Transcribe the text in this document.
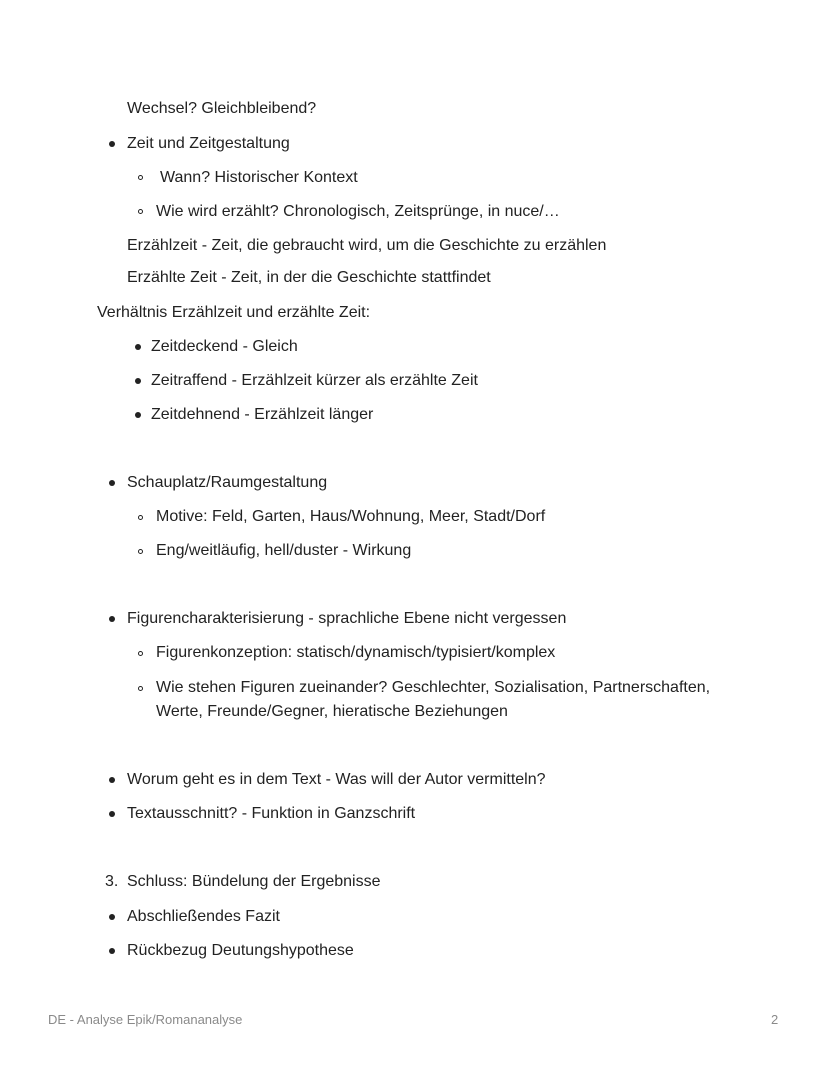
Wechsel? Gleichbleibend?

Zeit und Zeitgestaltung

Wann? Historischer Kontext

Wie wird erzählt? Chronologisch, Zeitsprünge, in nuce/…

Erzählzeit - Zeit, die gebraucht wird, um die Geschichte zu erzählen

Erzählte Zeit - Zeit, in der die Geschichte stattfindet

Verhältnis Erzählzeit und erzählte Zeit:

Zeitdeckend - Gleich

Zeitraffend - Erzählzeit kürzer als erzählte Zeit

Zeitdehnend - Erzählzeit länger

Schauplatz/Raumgestaltung

Motive: Feld, Garten, Haus/Wohnung, Meer, Stadt/Dorf

Eng/weitläufig, hell/duster - Wirkung

Figurencharakterisierung - sprachliche Ebene nicht vergessen

Figurenkonzeption: statisch/dynamisch/typisiert/komplex

Wie stehen Figuren zueinander? Geschlechter, Sozialisation, Partnerschaften,

Werte, Freunde/Gegner, hieratische Beziehungen

Worum geht es in dem Text - Was will der Autor vermitteln?

Textausschnitt? - Funktion in Ganzschrift

3. Schluss: Bündelung der Ergebnisse

Abschließendes Fazit

Rückbezug Deutungshypothese

DE - Analyse Epik/Romananalyse	2
